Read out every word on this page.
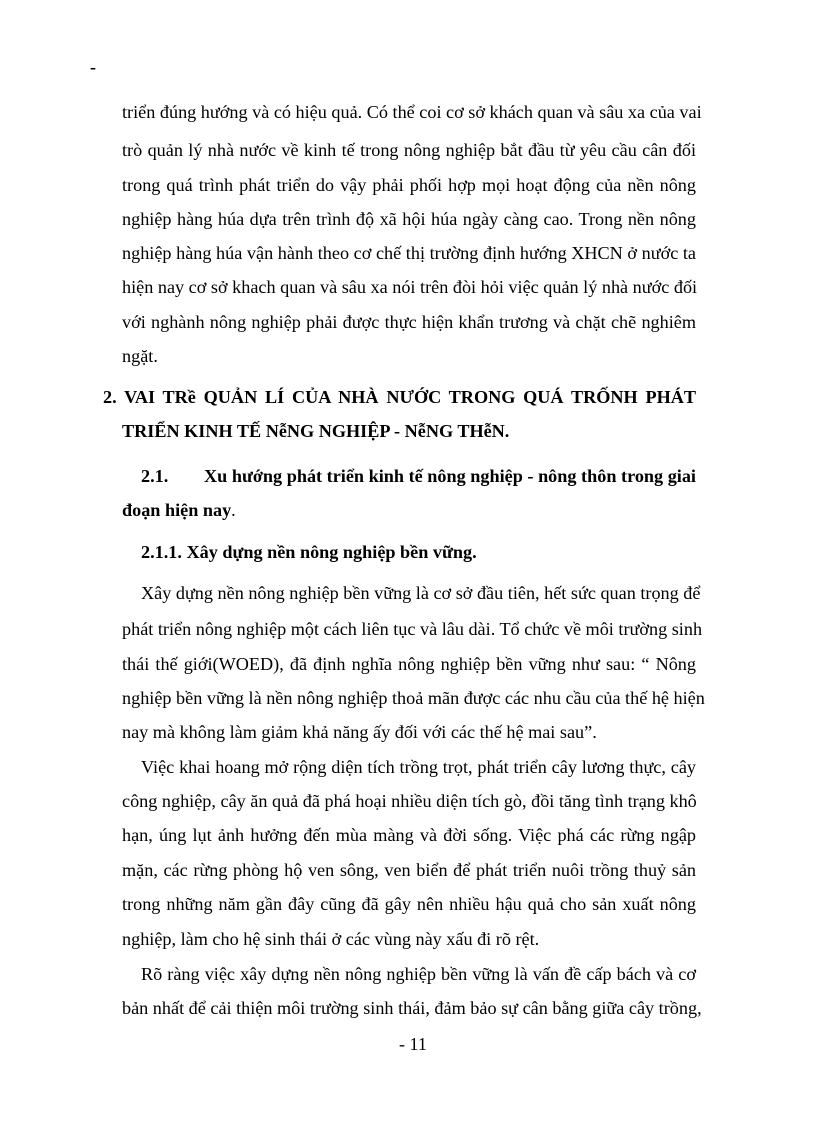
-
triển đúng hướng và có hiệu quả. Có thể coi cơ sở khách quan và sâu xa của vai
trò quản lý nhà nước về kinh tế trong nông nghiệp bắt đầu từ yêu cầu cân đối
trong quá trình phát triển do vậy phải phối hợp mọi hoạt động của nền nông
nghiệp hàng húa dựa trên trình độ xã hội húa ngày càng cao. Trong nền nông
nghiệp hàng húa vận hành theo cơ chế thị trường định hướng XHCN ở nước ta
hiện nay cơ sở khach quan và sâu xa nói trên đòi hỏi việc quản lý nhà nước đối
với nghành nông nghiệp phải được thực hiện khẩn trương và chặt chẽ nghiêm
ngặt.
2. VAI TRề QUẢN LÍ CỦA NHÀ NƯỚC TRONG QUÁ TRỐNH PHÁT
TRIỂN KINH TẾ NễNG NGHIỆP - NễNG THễN.
2.1. Xu hướng phát triển kinh tế nông nghiệp - nông thôn trong giai
đoạn hiện nay.
2.1.1. Xây dựng nền nông nghiệp bền vững.
Xây dựng nền nông nghiệp bền vững là cơ sở đầu tiên, hết sức quan trọng để
phát triển nông nghiệp một cách liên tục và lâu dài. Tổ chức về môi trường sinh
thái thế giới(WOED), đã định nghĩa nông nghiệp bền vững như sau: “ Nông
nghiệp bền vững là nền nông nghiệp thoả mãn được các nhu cầu của thế hệ hiện
nay mà không làm giảm khả năng ấy đối với các thế hệ mai sau”.
Việc khai hoang mở rộng diện tích trồng trọt, phát triển cây lương thực, cây
công nghiệp, cây ăn quả đã phá hoại nhiều diện tích gò, đồi tăng tình trạng khô
hạn, úng lụt ảnh hưởng đến mùa màng và đời sống. Việc phá các rừng ngập
mặn, các rừng phòng hộ ven sông, ven biển để phát triển nuôi trồng thuỷ sản
trong những năm gần đây cũng đã gây nên nhiều hậu quả cho sản xuất nông
nghiệp, làm cho hệ sinh thái ở các vùng này xấu đi rõ rệt.
Rõ ràng việc xây dựng nền nông nghiệp bền vững là vấn đề cấp bách và cơ
bản nhất để cải thiện môi trường sinh thái, đảm bảo sự cân bằng giữa cây trồng,
- 11
